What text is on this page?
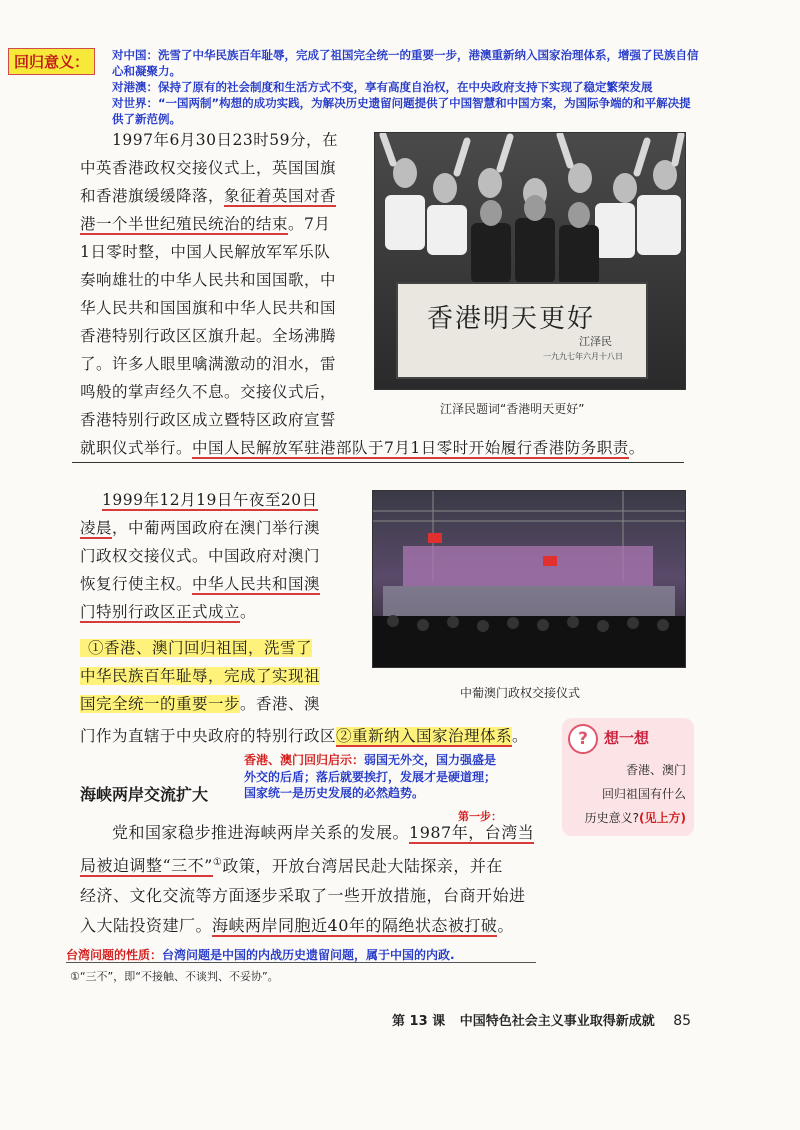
回归意义：	对中国：洗雪了中华民族百年耻辱，完成了祖国完全统一的重要一步，港澳重新纳入国家治理体系，增强了民族自信
心和凝聚力。
对港澳：保持了原有的社会制度和生活方式不变，享有高度自治权，在中央政府支持下实现了稳定繁荣发展
对世界：“一国两制”构想的成功实践，为解决历史遗留问题提供了中国智慧和中国方案，为国际争端的和平解决提
供了新范例。
1997年6月30日23时59分，在
中英香港政权交接仪式上，英国国旗
和香港旗缓缓降落，象征着英国对香
港一个半世纪殖民统治的结束。7月
1日零时整，中国人民解放军军乐队
奏响雄壮的中华人民共和国国歌，中
华人民共和国国旗和中华人民共和国
香港特别行政区区旗升起。全场沸腾
了。许多人眼里噙满激动的泪水，雷
鸣般的掌声经久不息。交接仪式后，
香港特别行政区成立暨特区政府宣誓
就职仪式举行。中国人民解放军驻港部队于7月1日零时开始履行香港防务职责。
香港明天更好
江泽民
一九九七年六月十八日
江泽民题词“香港明天更好”
1999年12月19日午夜至20日
凌晨，中葡两国政府在澳门举行澳
门政权交接仪式。中国政府对澳门
恢复行使主权。中华人民共和国澳
门特别行政区正式成立。
①香港、澳门回归祖国，洗雪了
中华民族百年耻辱，完成了实现祖
国完全统一的重要一步。香港、澳
门作为直辖于中央政府的特别行政区②重新纳入国家治理体系。
中葡澳门政权交接仪式
香港、澳门回归启示：弱国无外交，国力强盛是
外交的后盾；落后就要挨打，发展才是硬道理；
国家统一是历史发展的必然趋势。
?	想一想
香港、澳门
回归祖国有什么
历史意义?(见上方)
海峡两岸交流扩大
第一步：
党和国家稳步推进海峡两岸关系的发展。1987年，台湾当
局被迫调整“三不”①政策，开放台湾居民赴大陆探亲，并在
经济、文化交流等方面逐步采取了一些开放措施，台商开始进
入大陆投资建厂。海峡两岸同胞近40年的隔绝状态被打破。
台湾问题的性质：台湾问题是中国的内战历史遗留问题，属于中国的内政.
①“三不”，即“不接触、不谈判、不妥协”。
第 13 课 中国特色社会主义事业取得新成就 85
